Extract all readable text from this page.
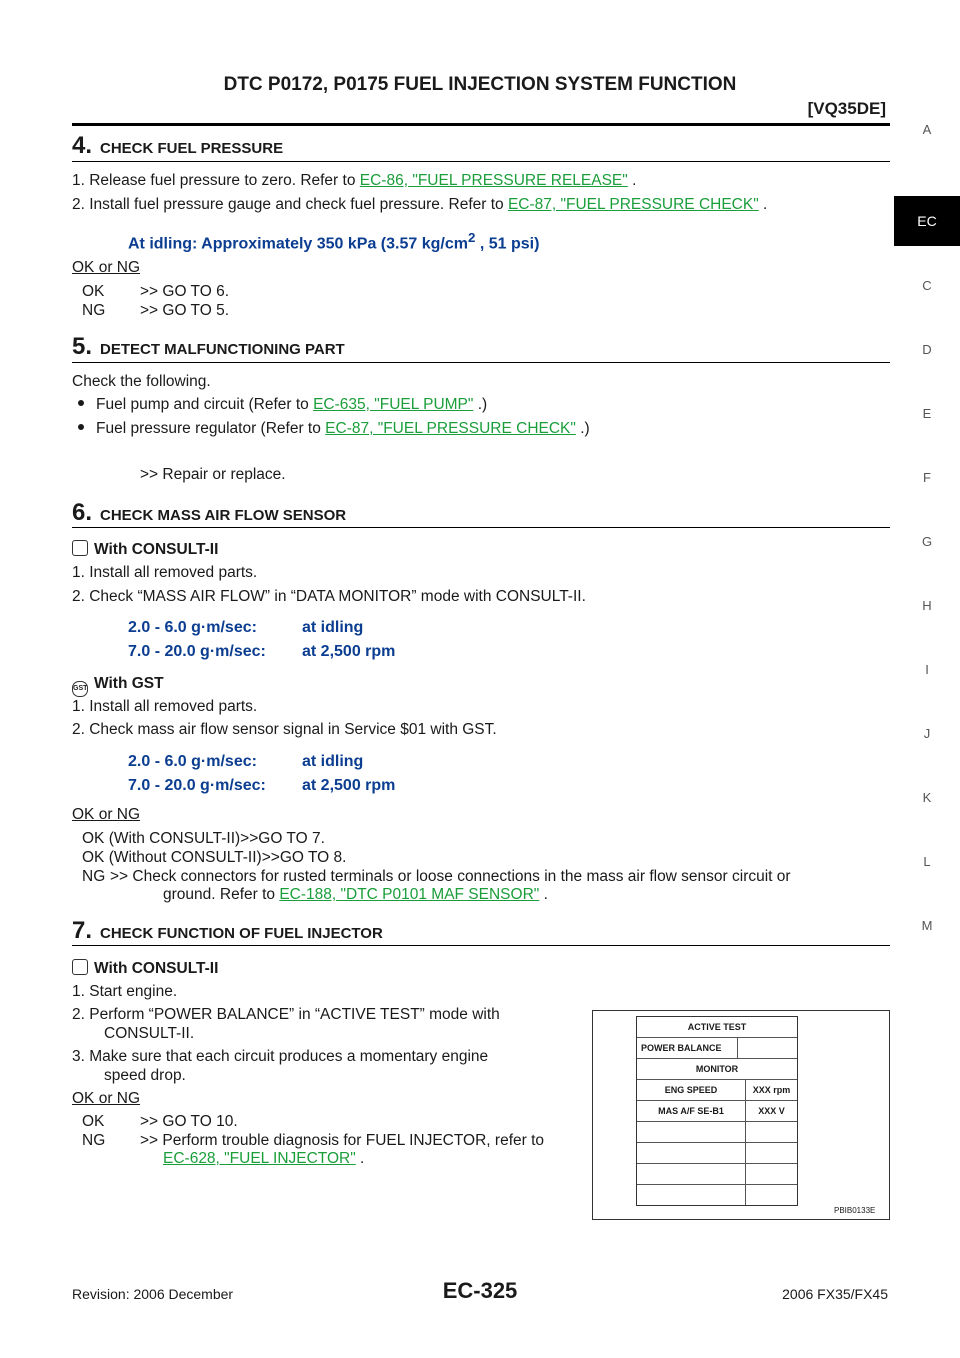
DTC P0172, P0175 FUEL INJECTION SYSTEM FUNCTION
[VQ35DE]
A
EC
C
D
E
F
G
H
I
J
K
L
M
4. CHECK FUEL PRESSURE
1. Release fuel pressure to zero. Refer to EC-86, "FUEL PRESSURE RELEASE" .
2. Install fuel pressure gauge and check fuel pressure. Refer to EC-87, "FUEL PRESSURE CHECK" .
At idling: Approximately 350 kPa (3.57 $kg/cm^2$ , 51 psi)
OK or NG
OK >> GO TO 6.
NG >> GO TO 5.
5. DETECT MALFUNCTIONING PART
Check the following.
Fuel pump and circuit (Refer to EC-635, "FUEL PUMP" .)
Fuel pressure regulator (Refer to EC-87, "FUEL PRESSURE CHECK" .)
>> Repair or replace.
6. CHECK MASS AIR FLOW SENSOR
With CONSULT-II
1. Install all removed parts.
2. Check “MASS AIR FLOW” in “DATA MONITOR” mode with CONSULT-II.
2.0 - 6.0 g·m/sec:	at idling
7.0 - 20.0 g·m/sec: at 2,500 rpm
GST With GST
1. Install all removed parts.
2. Check mass air flow sensor signal in Service $01 with GST.
2.0 - 6.0 g·m/sec:	at idling
7.0 - 20.0 g·m/sec: at 2,500 rpm
OK or NG
OK (With CONSULT-II)>>GO TO 7.
OK (Without CONSULT-II)>>GO TO 8.
NG >> Check connectors for rusted terminals or loose connections in the mass air flow sensor circuit or
ground. Refer to EC-188, "DTC P0101 MAF SENSOR" .
7. CHECK FUNCTION OF FUEL INJECTOR
With CONSULT-II
1. Start engine.
2. Perform “POWER BALANCE” in “ACTIVE TEST” mode with
CONSULT-II.
3. Make sure that each circuit produces a momentary engine
speed drop.
OK or NG
OK >> GO TO 10.
NG >> Perform trouble diagnosis for FUEL INJECTOR, refer to
EC-628, "FUEL INJECTOR" .
ACTIVE TEST
POWER BALANCE
MONITOR
ENG SPEED	XXX rpm
MAS A/F SE-B1	XXX V
PBIB0133E
Revision: 2006 December	EC-325	2006 FX35/FX45
